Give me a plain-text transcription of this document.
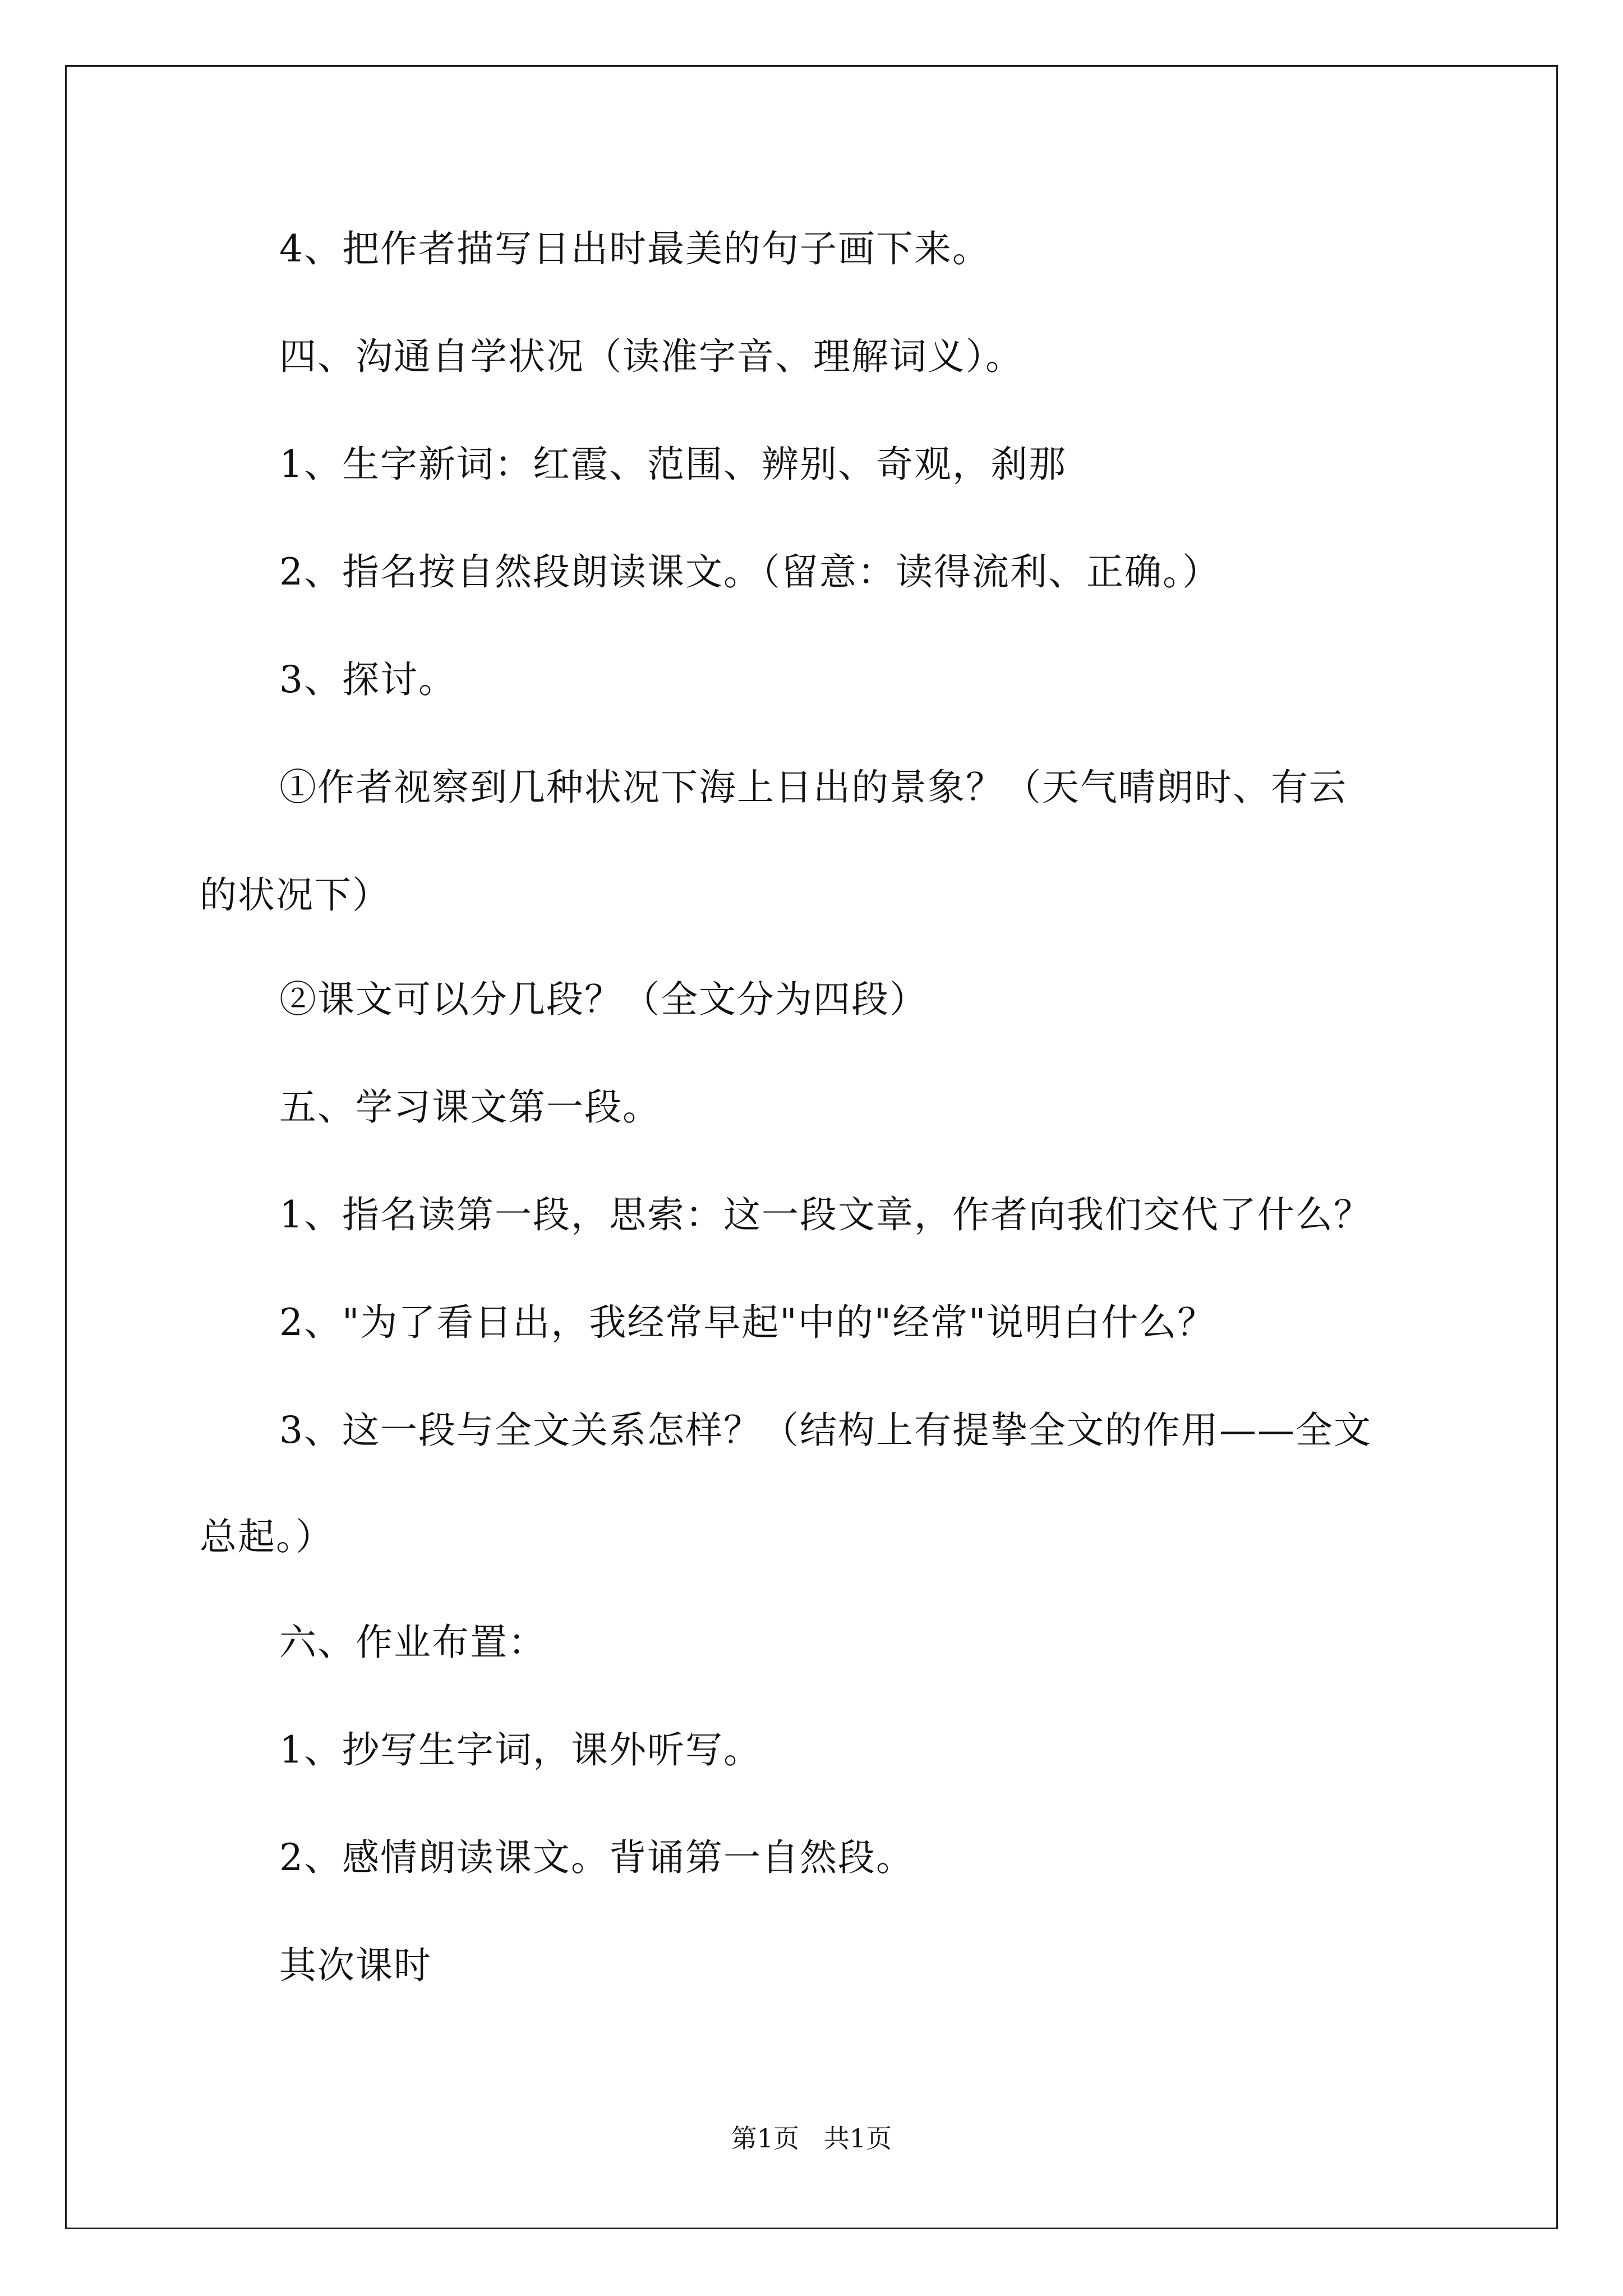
4、把作者描写日出时最美的句子画下来。
四、沟通自学状况（读准字音、理解词义）。
1、生字新词：红霞、范围、辨别、奇观，刹那
2、指名按自然段朗读课文。（留意：读得流利、正确。）
3、探讨。
①作者视察到几种状况下海上日出的景象？（天气晴朗时、有云
的状况下）
②课文可以分几段？（全文分为四段）
五、学习课文第一段。
1、指名读第一段，思索：这一段文章，作者向我们交代了什么？
2、"为了看日出，我经常早起"中的"经常"说明白什么？
3、这一段与全文关系怎样？（结构上有提挚全文的作用——全文
总起。）
六、作业布置：
1、抄写生字词，课外听写。
2、感情朗读课文。背诵第一自然段。
其次课时
第1页   共1页
